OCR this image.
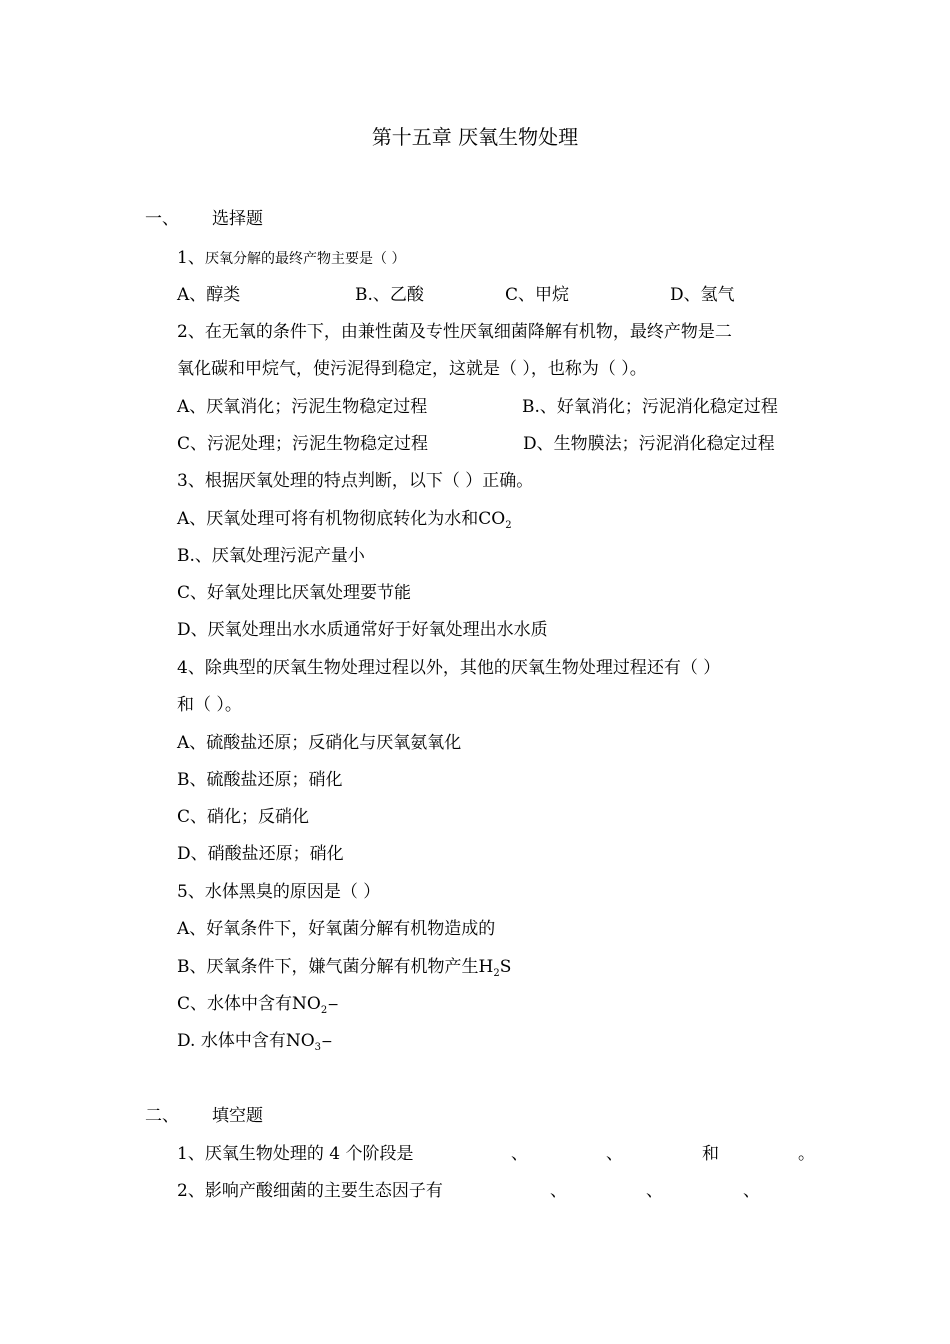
第十五章 厌氧生物处理
一、 选择题
1、 厌氧分解的最终产物主要是（ ）
A、醇类	B.、乙酸	C、甲烷	D、氢气
2、在无氧的条件下，由兼性菌及专性厌氧细菌降解有机物，最终产物是二
氧化碳和甲烷气，使污泥得到稳定，这就是（ ），也称为（ ）。
A、厌氧消化；污泥生物稳定过程	B.、好氧消化；污泥消化稳定过程
C、污泥处理；污泥生物稳定过程	D、生物膜法；污泥消化稳定过程
3、根据厌氧处理的特点判断，以下（ ）正确。
A、厌氧处理可将有机物彻底转化为水和$CO_2$
B.、厌氧处理污泥产量小
C、好氧处理比厌氧处理要节能
D、厌氧处理出水水质通常好于好氧处理出水水质
4、除典型的厌氧生物处理过程以外，其他的厌氧生物处理过程还有（ ）
和（ ）。
A、硫酸盐还原；反硝化与厌氧氨氧化
B、硫酸盐还原；硝化
C、硝化；反硝化
D、硝酸盐还原；硝化
5、水体黑臭的原因是（ ）
A、好氧条件下，好氧菌分解有机物造成的
B、厌氧条件下，嫌气菌分解有机物产生$H_2S$
C、水体中含有$NO_2-$
D. 水体中含有$NO_3-$
二、 填空题
1、厌氧生物处理的 4 个阶段是	、	、	和	。
2、影响产酸细菌的主要生态因子有	、	、	、
